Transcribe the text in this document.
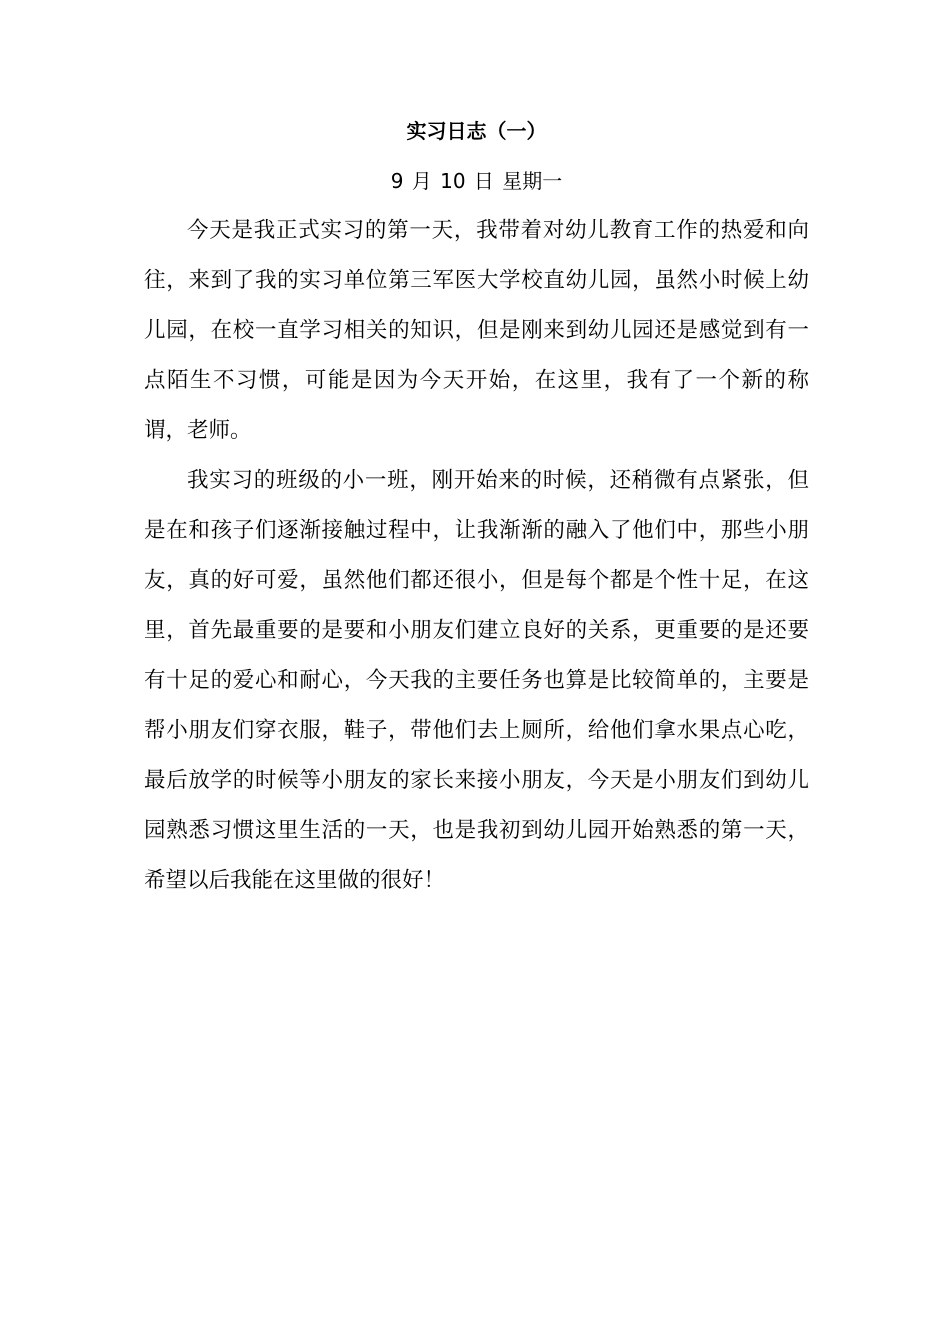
实习日志（一）

9 月 10 日 星期一

今天是我正式实习的第一天，我带着对幼儿教育工作的热爱和向往，来到了我的实习单位第三军医大学校直幼儿园，虽然小时候上幼儿园，在校一直学习相关的知识，但是刚来到幼儿园还是感觉到有一点陌生不习惯，可能是因为今天开始，在这里，我有了一个新的称谓，老师。

我实习的班级的小一班，刚开始来的时候，还稍微有点紧张，但是在和孩子们逐渐接触过程中，让我渐渐的融入了他们中，那些小朋友，真的好可爱，虽然他们都还很小，但是每个都是个性十足，在这里，首先最重要的是要和小朋友们建立良好的关系，更重要的是还要有十足的爱心和耐心，今天我的主要任务也算是比较简单的，主要是帮小朋友们穿衣服，鞋子，带他们去上厕所，给他们拿水果点心吃，最后放学的时候等小朋友的家长来接小朋友，今天是小朋友们到幼儿园熟悉习惯这里生活的一天，也是我初到幼儿园开始熟悉的第一天，希望以后我能在这里做的很好！
